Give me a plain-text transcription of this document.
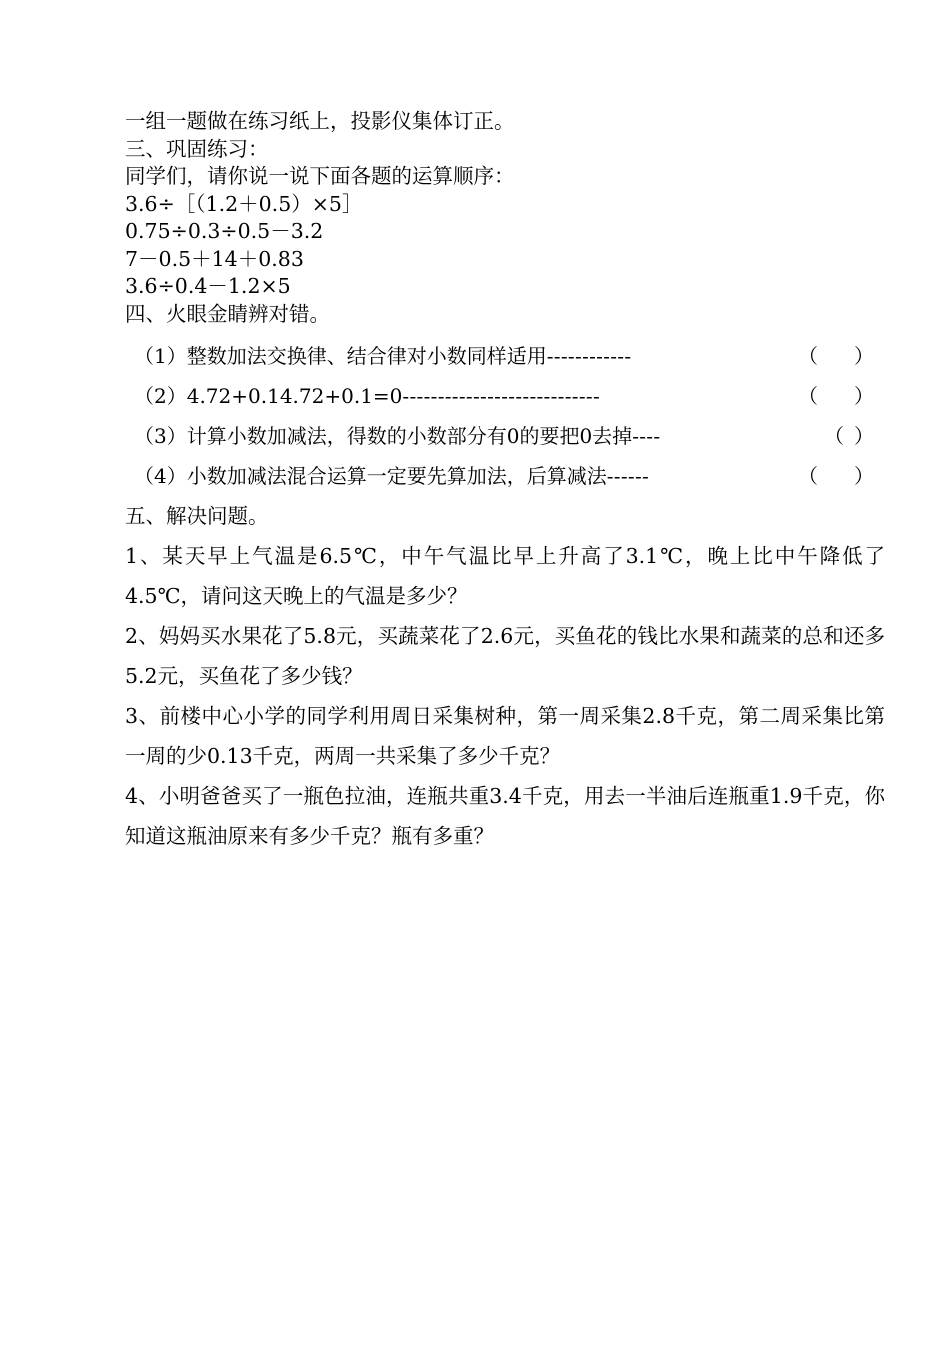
一组一题做在练习纸上，投影仪集体订正。
三、巩固练习：
同学们，请你说一说下面各题的运算顺序：
3.6÷［（1.2＋0.5）×5］
0.75÷0.3÷0.5－3.2
7－0.5＋14＋0.83
3.6÷0.4－1.2×5
四、火眼金睛辨对错。
（1）整数加法交换律、结合律对小数同样适用 ------------	（ ）
（2）4.72+0.14.72+0.1=0 ----------------------------	（ ）
（3）计算小数加减法，得数的小数部分有0的要把0去掉 ----	（ ）
（4）小数加减法混合运算一定要先算加法，后算减法 ------	（ ）
五、解决问题。
1、某天早上气温是6.5℃，中午气温比早上升高了3.1℃，晚上比中午降低了4.5℃，请问这天晚上的气温是多少？
2、妈妈买水果花了5.8元，买蔬菜花了2.6元，买鱼花的钱比水果和蔬菜的总和还多5.2元，买鱼花了多少钱？
3、前楼中心小学的同学利用周日采集树种，第一周采集2.8千克，第二周采集比第一周的少0.13千克，两周一共采集了多少千克？
4、小明爸爸买了一瓶色拉油，连瓶共重3.4千克，用去一半油后连瓶重1.9千克，你知道这瓶油原来有多少千克？瓶有多重？
